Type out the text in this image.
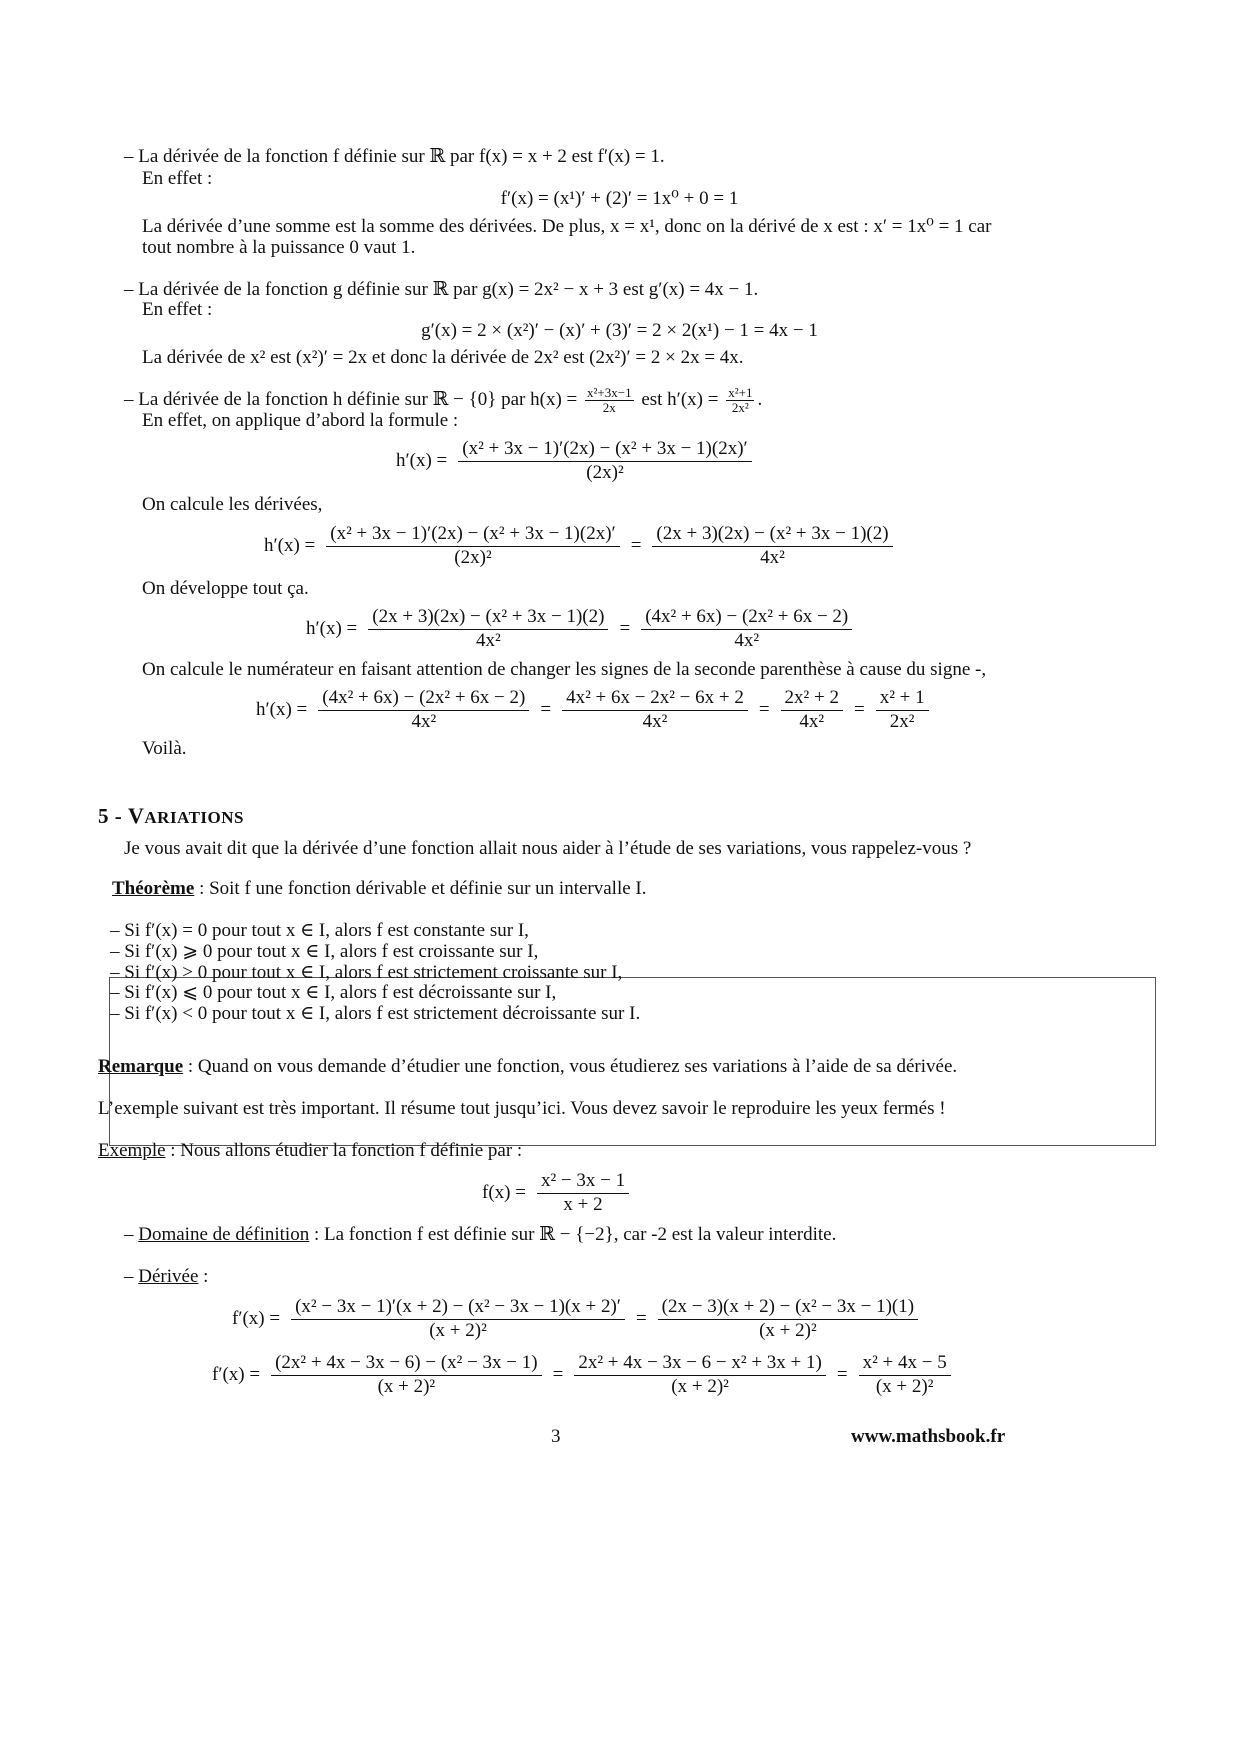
– La dérivée de la fonction f définie sur ℝ par f(x) = x + 2 est f′(x) = 1.
En effet :
f′(x) = (x¹)′ + (2)′ = 1x⁰ + 0 = 1
La dérivée d’une somme est la somme des dérivées. De plus, x = x¹, donc on la dérivé de x est : x′ = 1x⁰ = 1 car
tout nombre à la puissance 0 vaut 1.
– La dérivée de la fonction g définie sur ℝ par g(x) = 2x² − x + 3 est g′(x) = 4x − 1.
En effet :
g′(x) = 2 × (x²)′ − (x)′ + (3)′ = 2 × 2(x¹) − 1 = 4x − 1
La dérivée de x² est (x²)′ = 2x et donc la dérivée de 2x² est (2x²)′ = 2 × 2x = 4x.
– La dérivée de la fonction h définie sur ℝ − {0} par $h(x) = \frac{\text{x²+3x−1}}{2x}$ est $h'(x) = \frac{\text{x²+1}}{\text{2x²}}$ .
En effet, on applique d’abord la formule :
$h'(x) = \frac{\text{(x² + 3x − 1)′(2x) − (x² + 3x − 1)(2x)′}}{\text{(2x)²}}$
On calcule les dérivées,
$h'(x) = \frac{\text{(x² + 3x − 1)′(2x) − (x² + 3x − 1)(2x)′}}{\text{(2x)²}} = \frac{\text{(2x + 3)(2x) − (x² + 3x − 1)(2)}}{\text{4x²}}$
On développe tout ça.
$h'(x) = \frac{\text{(2x + 3)(2x) − (x² + 3x − 1)(2)}}{\text{4x²}} = \frac{\text{(4x² + 6x) − (2x² + 6x − 2)}}{\text{4x²}}$
On calcule le numérateur en faisant attention de changer les signes de la seconde parenthèse à cause du signe -,
$h'(x) = \frac{\text{(4x² + 6x) − (2x² + 6x − 2)}}{\text{4x²}} = \frac{\text{4x² + 6x − 2x² − 6x + 2}}{\text{4x²}} = \frac{\text{2x² + 2}}{\text{4x²}} = \frac{\text{x² + 1}}{\text{2x²}}$
Voilà.
5 - VARIATIONS
Je vous avait dit que la dérivée d’une fonction allait nous aider à l’étude de ses variations, vous rappelez-vous ?
Théorème : Soit f une fonction dérivable et définie sur un intervalle I.
– Si f′(x) = 0 pour tout x ∈ I, alors f est constante sur I,
– Si f′(x) ⩾ 0 pour tout x ∈ I, alors f est croissante sur I,
– Si f′(x) > 0 pour tout x ∈ I, alors f est strictement croissante sur I,
– Si f′(x) ⩽ 0 pour tout x ∈ I, alors f est décroissante sur I,
– Si f′(x) < 0 pour tout x ∈ I, alors f est strictement décroissante sur I.
Remarque : Quand on vous demande d’étudier une fonction, vous étudierez ses variations à l’aide de sa dérivée.
L’exemple suivant est très important. Il résume tout jusqu’ici. Vous devez savoir le reproduire les yeux fermés !
Exemple : Nous allons étudier la fonction f définie par :
$f(x) = \frac{\text{x² − 3x − 1}}{x + 2}$
– Domaine de définition : La fonction f est définie sur ℝ − {−2}, car -2 est la valeur interdite.
– Dérivée :
$f'(x) = \frac{\text{(x² − 3x − 1)′(x + 2) − (x² − 3x − 1)(x + 2)′}}{\text{(x + 2)²}} = \frac{\text{(2x − 3)(x + 2) − (x² − 3x − 1)(1)}}{\text{(x + 2)²}}$
$f'(x) = \frac{\text{(2x² + 4x − 3x − 6) − (x² − 3x − 1)}}{\text{(x + 2)²}} = \frac{\text{2x² + 4x − 3x − 6 − x² + 3x + 1)}}{\text{(x + 2)²}} = \frac{\text{x² + 4x − 5}}{\text{(x + 2)²}}$
3	www.mathsbook.fr
